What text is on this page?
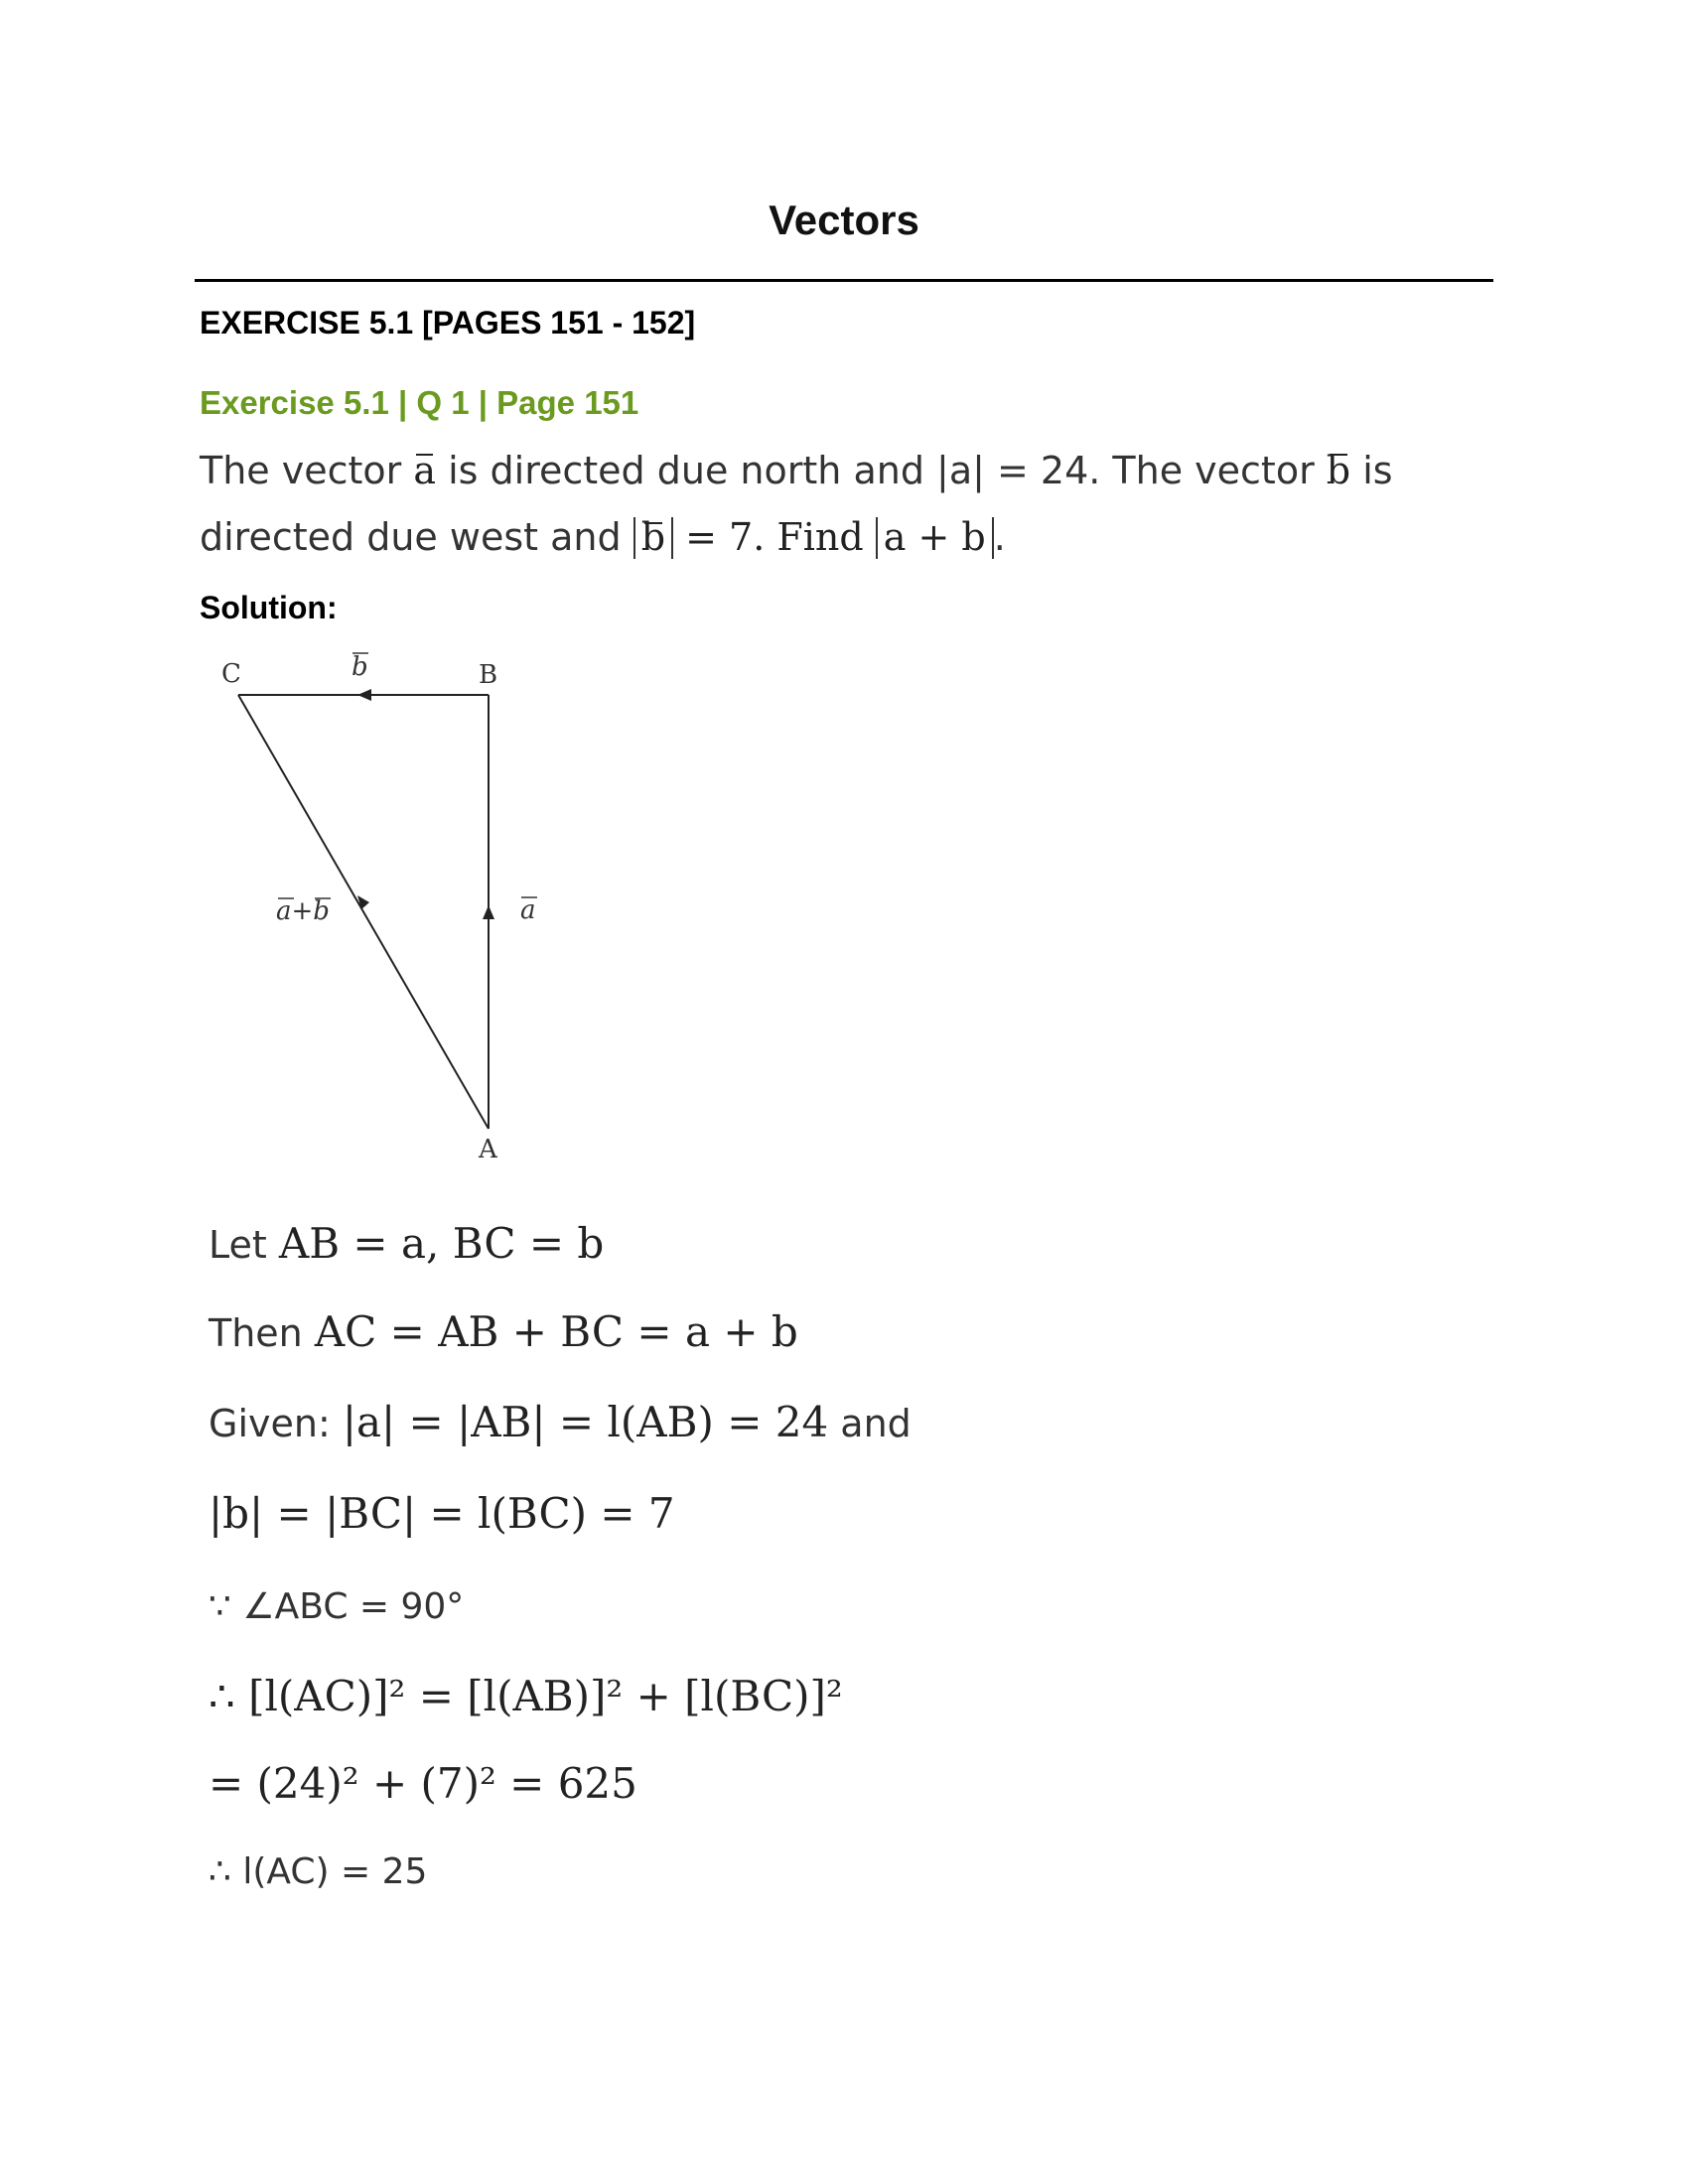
Vectors
EXERCISE 5.1 [PAGES 151 - 152]
Exercise 5.1 | Q 1 | Page 151
The vector a is directed due north and |a| = 24. The vector b is
directed due west and b = 7. Find a + b .
Solution:
C	B
A
b
a
a+b
Let AB = a, BC = b
Then AC = AB + BC = a + b
Given: |a| = |AB| = l(AB) = 24 and
|b| = |BC| = l(BC) = 7
∵ ∠ABC = 90°
∴ [l(AC)]² = [l(AB)]² + [l(BC)]²
= (24)² + (7)² = 625
∴ l(AC) = 25
